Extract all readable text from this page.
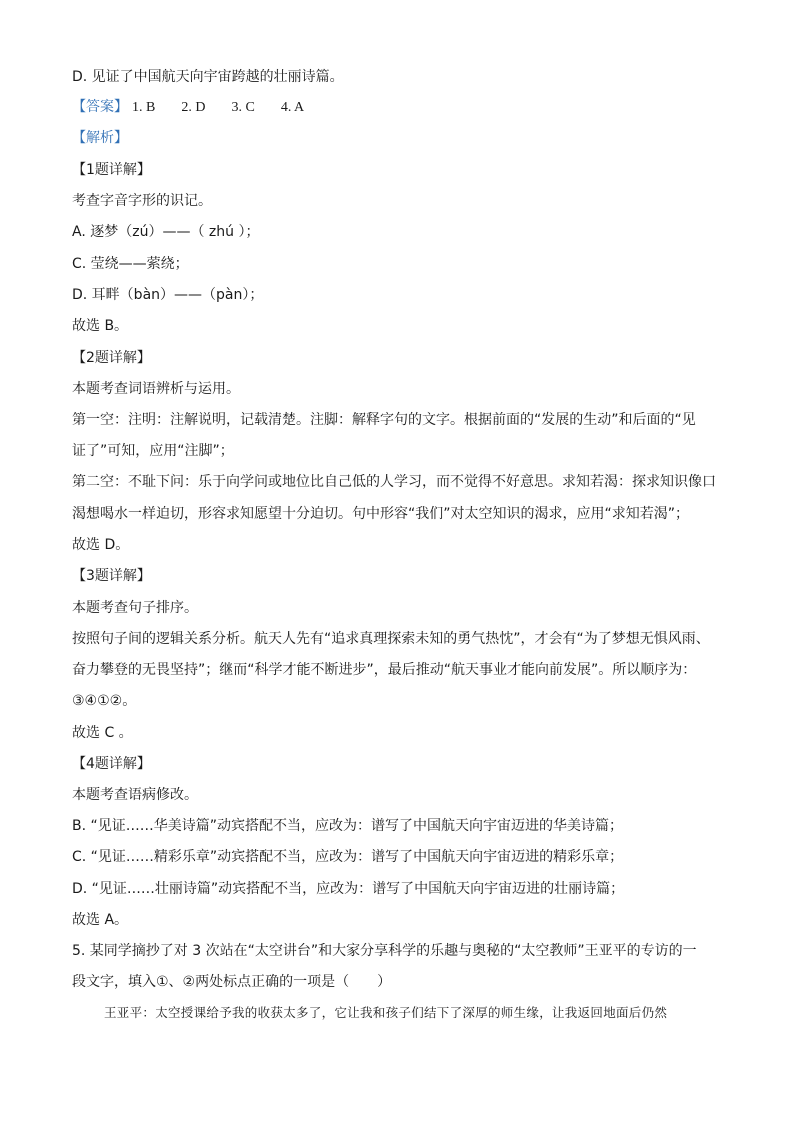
D. 见证了中国航天向宇宙跨越的壮丽诗篇。
【答案】 1. B 2. D 3. C 4. A
【解析】
【1题详解】
考查字音字形的识记。
A. 逐梦（zú）——（ zhú ）；
C. 莹绕——萦绕；
D. 耳畔（bàn）——（pàn）；
故选 B。
【2题详解】
本题考查词语辨析与运用。
第一空：注明：注解说明，记载清楚。注脚：解释字句的文字。根据前面的“发展的生动”和后面的“见
证了”可知，应用“注脚”；
第二空：不耻下问：乐于向学问或地位比自己低的人学习，而不觉得不好意思。求知若渴：探求知识像口
渴想喝水一样迫切，形容求知愿望十分迫切。句中形容“我们”对太空知识的渴求，应用“求知若渴”；
故选 D。
【3题详解】
本题考查句子排序。
按照句子间的逻辑关系分析。航天人先有“追求真理探索未知的勇气热忱”，才会有“为了梦想无惧风雨、
奋力攀登的无畏坚持”；继而“科学才能不断进步”，最后推动“航天事业才能向前发展”。所以顺序为：
③④①②。
故选 C 。
【4题详解】
本题考查语病修改。
B. “见证……华美诗篇”动宾搭配不当，应改为：谱写了中国航天向宇宙迈进的华美诗篇；
C. “见证……精彩乐章”动宾搭配不当，应改为：谱写了中国航天向宇宙迈进的精彩乐章；
D. “见证……壮丽诗篇”动宾搭配不当，应改为：谱写了中国航天向宇宙迈进的壮丽诗篇；
故选 A。
5. 某同学摘抄了对 3 次站在“太空讲台”和大家分享科学的乐趣与奥秘的“太空教师”王亚平的专访的一
段文字，填入①、②两处标点正确的一项是（　　）
王亚平：太空授课给予我的收获太多了，它让我和孩子们结下了深厚的师生缘，让我返回地面后仍然
